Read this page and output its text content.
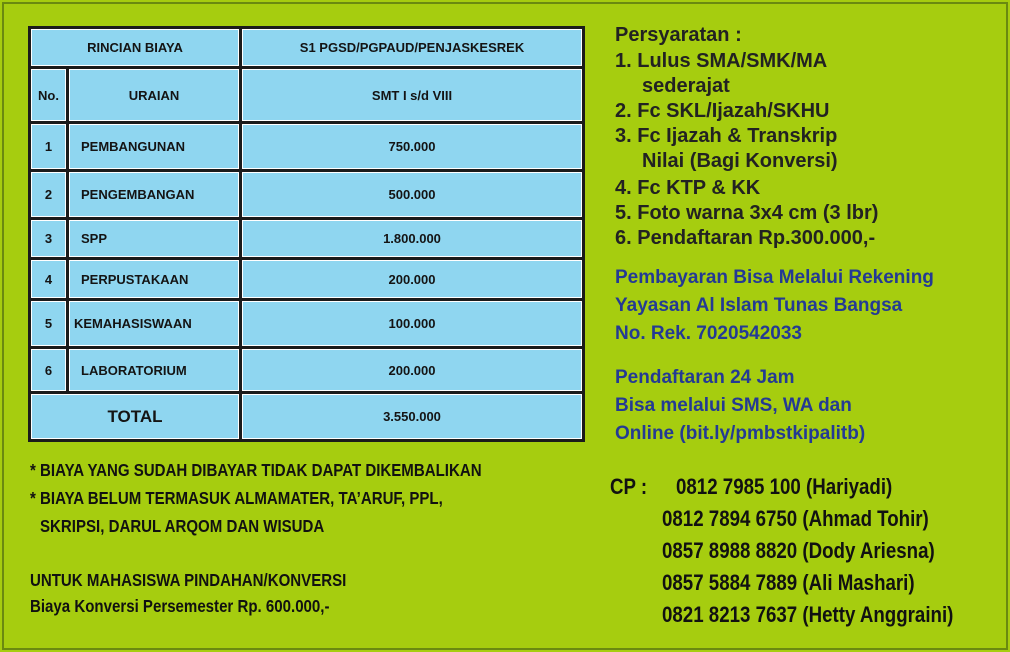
RINCIAN BIAYA	S1 PGSD/PGPAUD/PENJASKESREK
No.	URAIAN	SMT I s/d VIII
1	PEMBANGUNAN	750.000
2	PENGEMBANGAN	500.000
3	SPP	1.800.000
4	PERPUSTAKAAN	200.000
5	KEMAHASISWAAN	100.000
6	LABORATORIUM	200.000
TOTAL	3.550.000
* BIAYA YANG SUDAH DIBAYAR TIDAK DAPAT DIKEMBALIKAN
* BIAYA BELUM TERMASUK ALMAMATER, TA’ARUF, PPL,
SKRIPSI, DARUL ARQOM DAN WISUDA
UNTUK MAHASISWA PINDAHAN/KONVERSI
Biaya Konversi Persemester Rp. 600.000,-
Persyaratan :
1. Lulus SMA/SMK/MA
sederajat
2. Fc SKL/Ijazah/SKHU
3. Fc Ijazah & Transkrip
Nilai (Bagi Konversi)
4. Fc KTP & KK
5. Foto warna 3x4 cm (3 lbr)
6. Pendaftaran Rp.300.000,-
Pembayaran Bisa Melalui Rekening
Yayasan Al Islam Tunas Bangsa
No. Rek. 7020542033
Pendaftaran 24 Jam
Bisa melalui SMS, WA dan
Online (bit.ly/pmbstkipalitb)
CP : 0812 7985 100 (Hariyadi)
0812 7894 6750 (Ahmad Tohir)
0857 8988 8820 (Dody Ariesna)
0857 5884 7889 (Ali Mashari)
0821 8213 7637 (Hetty Anggraini)
